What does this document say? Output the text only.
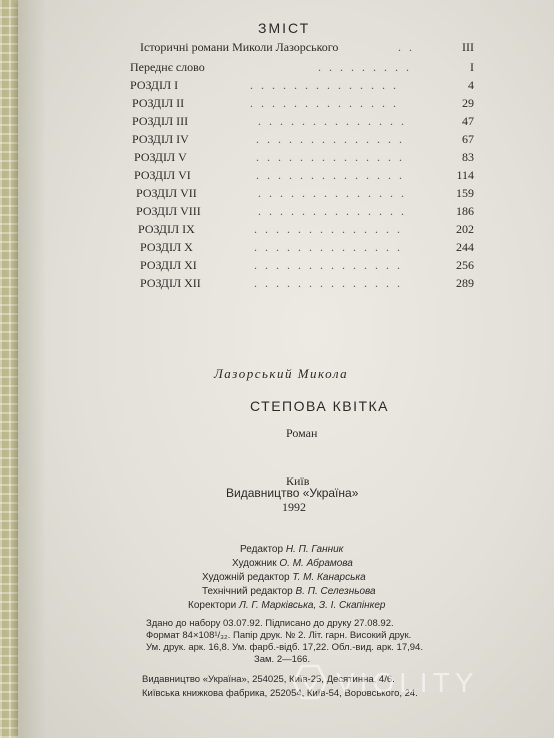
ЗМІСТ
Історичні романи Миколи Лазорського	..	III
Переднє слово	.........	I
РОЗДІЛ I	..............	4
РОЗДІЛ II	..............	29
РОЗДІЛ III	..............	47
РОЗДІЛ IV	..............	67
РОЗДІЛ V	..............	83
РОЗДІЛ VI	..............	114
РОЗДІЛ VII	..............	159
РОЗДІЛ VIII	..............	186
РОЗДІЛ IX	..............	202
РОЗДІЛ X	..............	244
РОЗДІЛ XI	..............	256
РОЗДІЛ XII	..............	289
Лазорський Микола
СТЕПОВА КВІТКА
Роман
Київ
Видавництво «Україна»
1992
Редактор Н. П. Ганник
Художник О. М. Абрамова
Художній редактор Т. М. Канарська
Технічний редактор В. П. Селезньова
Коректори Л. Г. Марківська, З. І. Скапінкер
Здано до набору 03.07.92. Підписано до друку 27.08.92.
Формат 84×108¹/₃₂. Папір друк. № 2. Літ. гарн. Високий друк.
Ум. друк. арк. 16,8. Ум. фарб.-відб. 17,22. Обл.-вид. арк. 17,94.
Зам. 2—166.
Видавництво «Україна», 254025, Київ-25, Десятинна, 4/6.
Київська книжкова фабрика, 252054, Київ-54, Воровського, 24.
VIOLITY
